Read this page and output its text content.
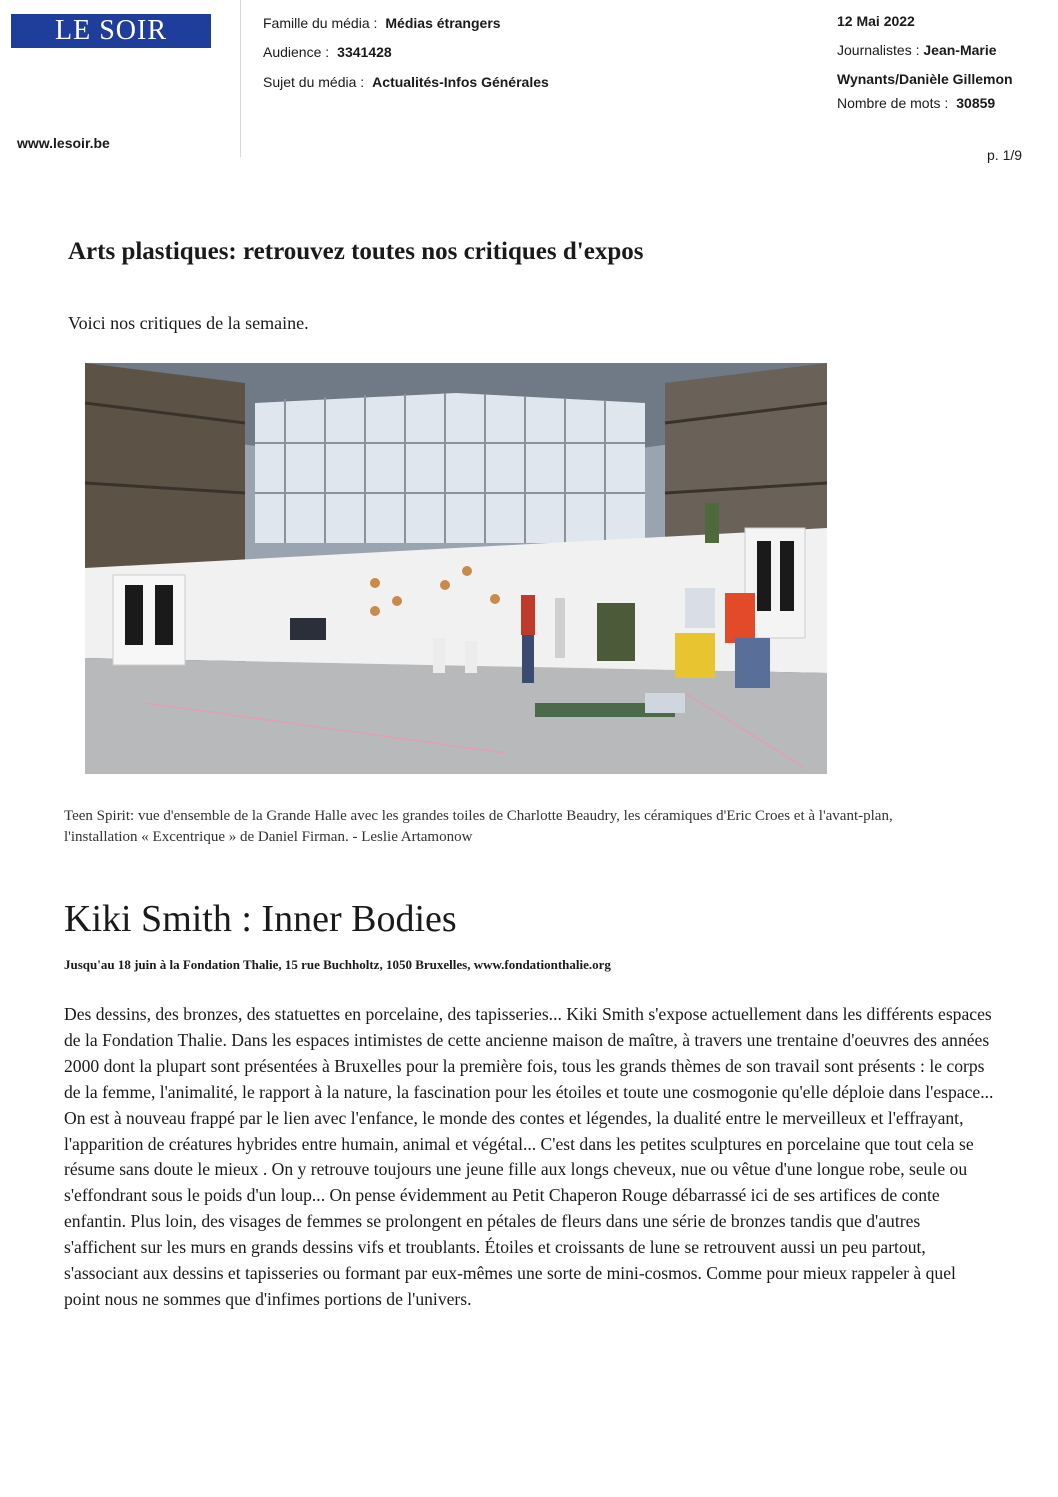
LE SOIR
www.lesoir.be
Famille du média : Médias étrangers
Audience : 3341428
Sujet du média : Actualités-Infos Générales
12 Mai 2022
Journalistes : Jean-Marie
Wynants/Danièle Gillemon
Nombre de mots : 30859
p. 1/9
Arts plastiques: retrouvez toutes nos critiques d'expos
Voici nos critiques de la semaine.
Teen Spirit: vue d'ensemble de la Grande Halle avec les grandes toiles de Charlotte Beaudry, les céramiques d'Eric Croes et à l'avant-plan, l'installation « Excentrique » de Daniel Firman. - Leslie Artamonow
Kiki Smith : Inner Bodies
Jusqu'au 18 juin à la Fondation Thalie, 15 rue Buchholtz, 1050 Bruxelles, www.fondationthalie.org
Des dessins, des bronzes, des statuettes en porcelaine, des tapisseries... Kiki Smith s'expose actuellement dans les différents espaces de la Fondation Thalie. Dans les espaces intimistes de cette ancienne maison de maître, à travers une trentaine d'oeuvres des années 2000 dont la plupart sont présentées à Bruxelles pour la première fois, tous les grands thèmes de son travail sont présents : le corps de la femme, l'animalité, le rapport à la nature, la fascination pour les étoiles et toute une cosmogonie qu'elle déploie dans l'espace... On est à nouveau frappé par le lien avec l'enfance, le monde des contes et légendes, la dualité entre le merveilleux et l'effrayant, l'apparition de créatures hybrides entre humain, animal et végétal... C'est dans les petites sculptures en porcelaine que tout cela se résume sans doute le mieux . On y retrouve toujours une jeune fille aux longs cheveux, nue ou vêtue d'une longue robe, seule ou s'effondrant sous le poids d'un loup... On pense évidemment au Petit Chaperon Rouge débarrassé ici de ses artifices de conte enfantin. Plus loin, des visages de femmes se prolongent en pétales de fleurs dans une série de bronzes tandis que d'autres s'affichent sur les murs en grands dessins vifs et troublants. Étoiles et croissants de lune se retrouvent aussi un peu partout, s'associant aux dessins et tapisseries ou formant par eux-mêmes une sorte de mini-cosmos. Comme pour mieux rappeler à quel point nous ne sommes que d'infimes portions de l'univers.
